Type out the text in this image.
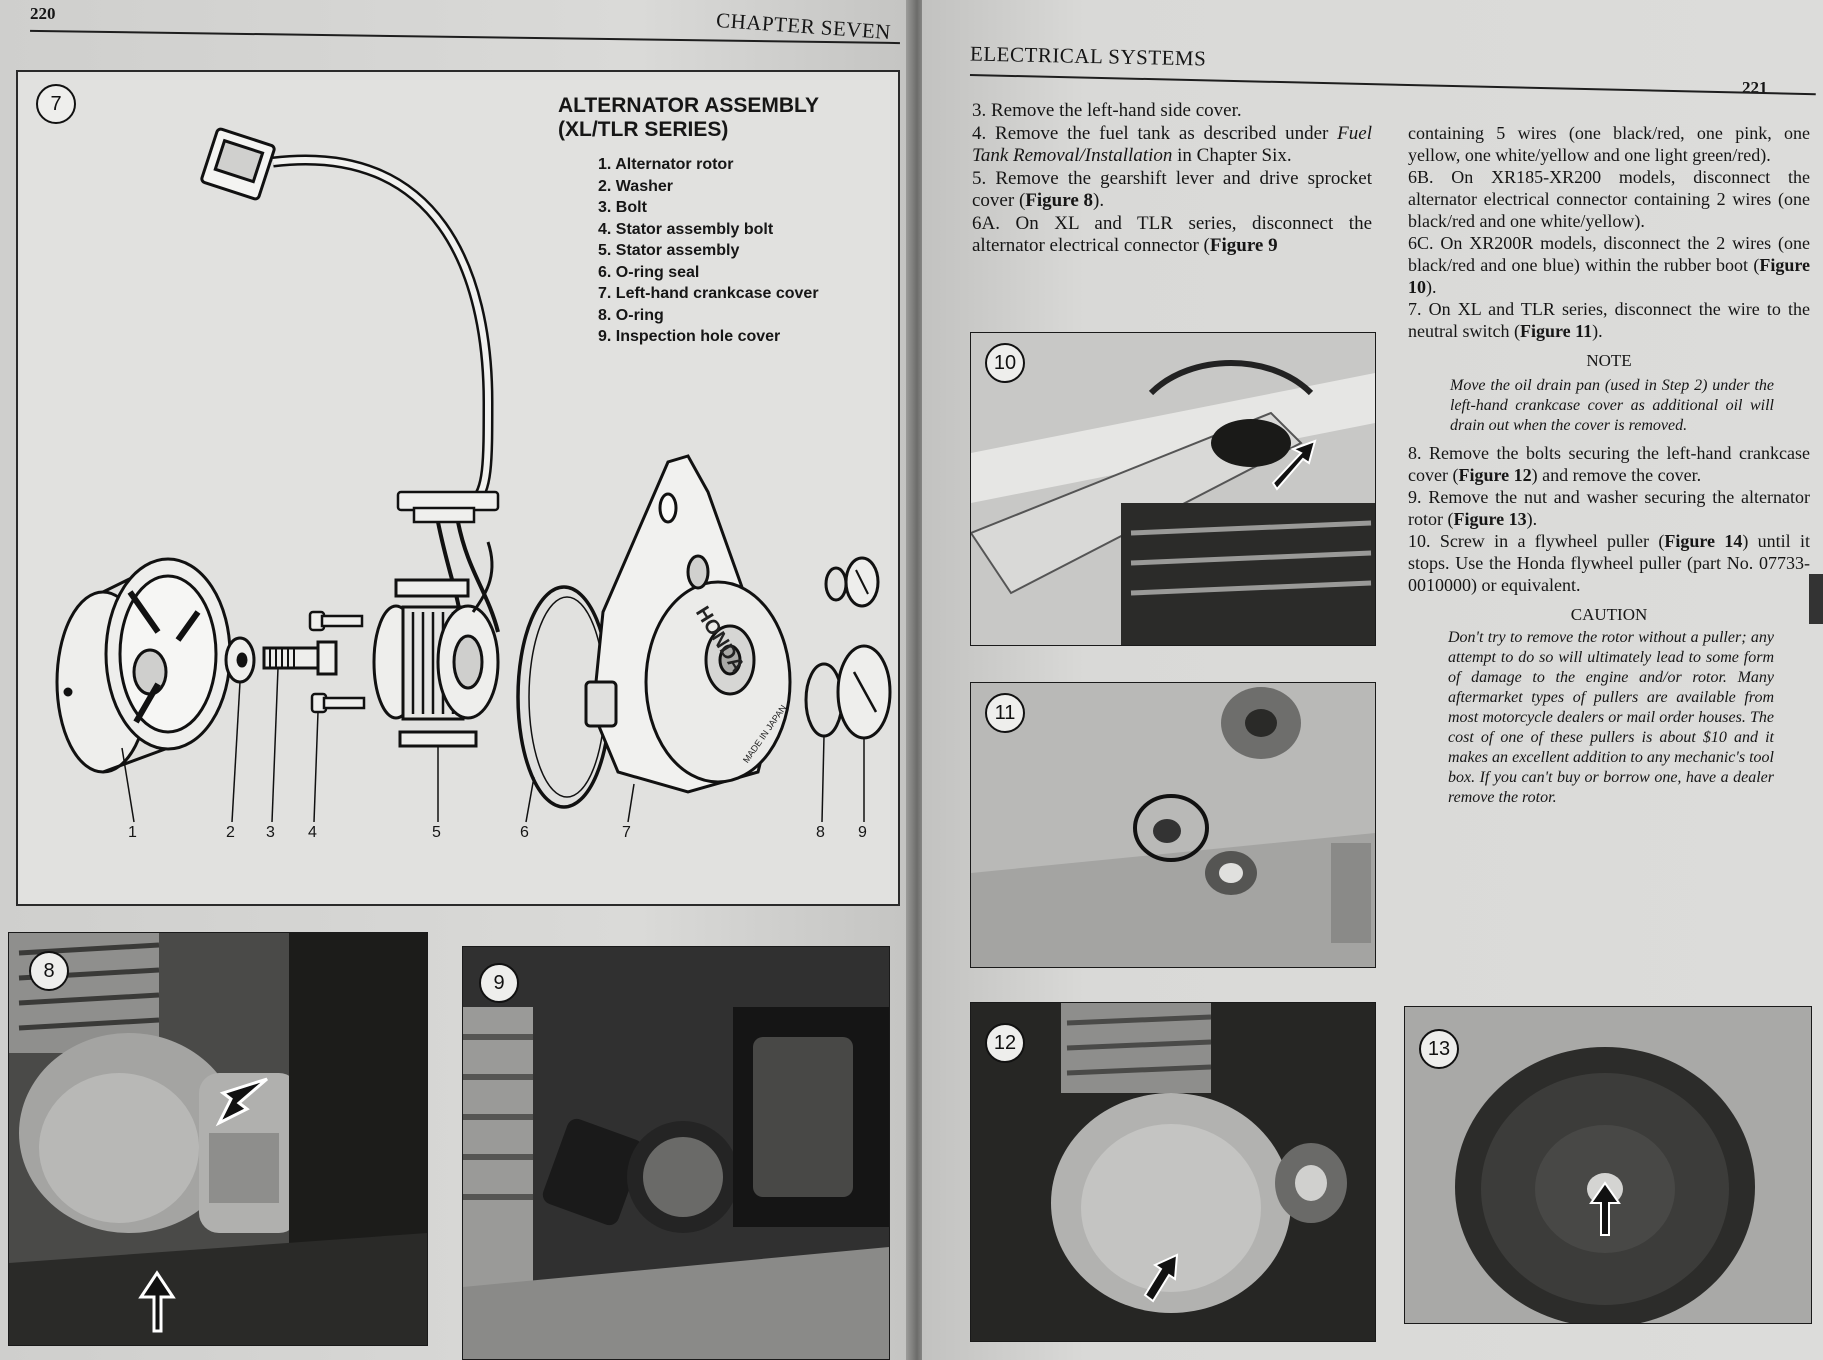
220	CHAPTER SEVEN
HONDA
MADE IN JAPAN
7	ALTERNATOR ASSEMBLY
(XL/TLR SERIES)
1. Alternator rotor
2. Washer
3. Bolt
4. Stator assembly bolt
5. Stator assembly
6. O-ring seal
7. Left-hand crankcase cover
8. O-ring
9. Inspection hole cover
1	2 3 4	5	6	7	8 9
8
9
ELECTRICAL SYSTEMS
221

3. Remove the left-hand side cover.

4. Remove the fuel tank as described under Fuel Tank Removal/Installation in Chapter Six.

5. Remove the gearshift lever and drive sprocket cover (Figure 8).

6A. On XL and TLR series, disconnect the alternator electrical connector (Figure 9

10
11
12

containing 5 wires (one black/red, one pink, one yellow, one white/yellow and one light green/red).

6B. On XR185-XR200 models, disconnect the alternator electrical connector containing 2 wires (one black/red and one white/yellow).

6C. On XR200R models, disconnect the 2 wires (one black/red and one blue) within the rubber boot (Figure 10).

7. On XL and TLR series, disconnect the wire to the neutral switch (Figure 11).

NOTE
Move the oil drain pan (used in Step 2) under the left-hand crankcase cover as additional oil will drain out when the cover is removed.

8. Remove the bolts securing the left-hand crankcase cover (Figure 12) and remove the cover.

9. Remove the nut and washer securing the alternator rotor (Figure 13).

10. Screw in a flywheel puller (Figure 14) until it stops. Use the Honda flywheel puller (part No. 07733-0010000) or equivalent.

CAUTION
Don't try to remove the rotor without a puller; any attempt to do so will ultimately lead to some form of damage to the engine and/or rotor. Many aftermarket types of pullers are available from most motorcycle dealers or mail order houses. The cost of one of these pullers is about $10 and it makes an excellent addition to any mechanic's tool box. If you can't buy or borrow one, have a dealer remove the rotor.
13
